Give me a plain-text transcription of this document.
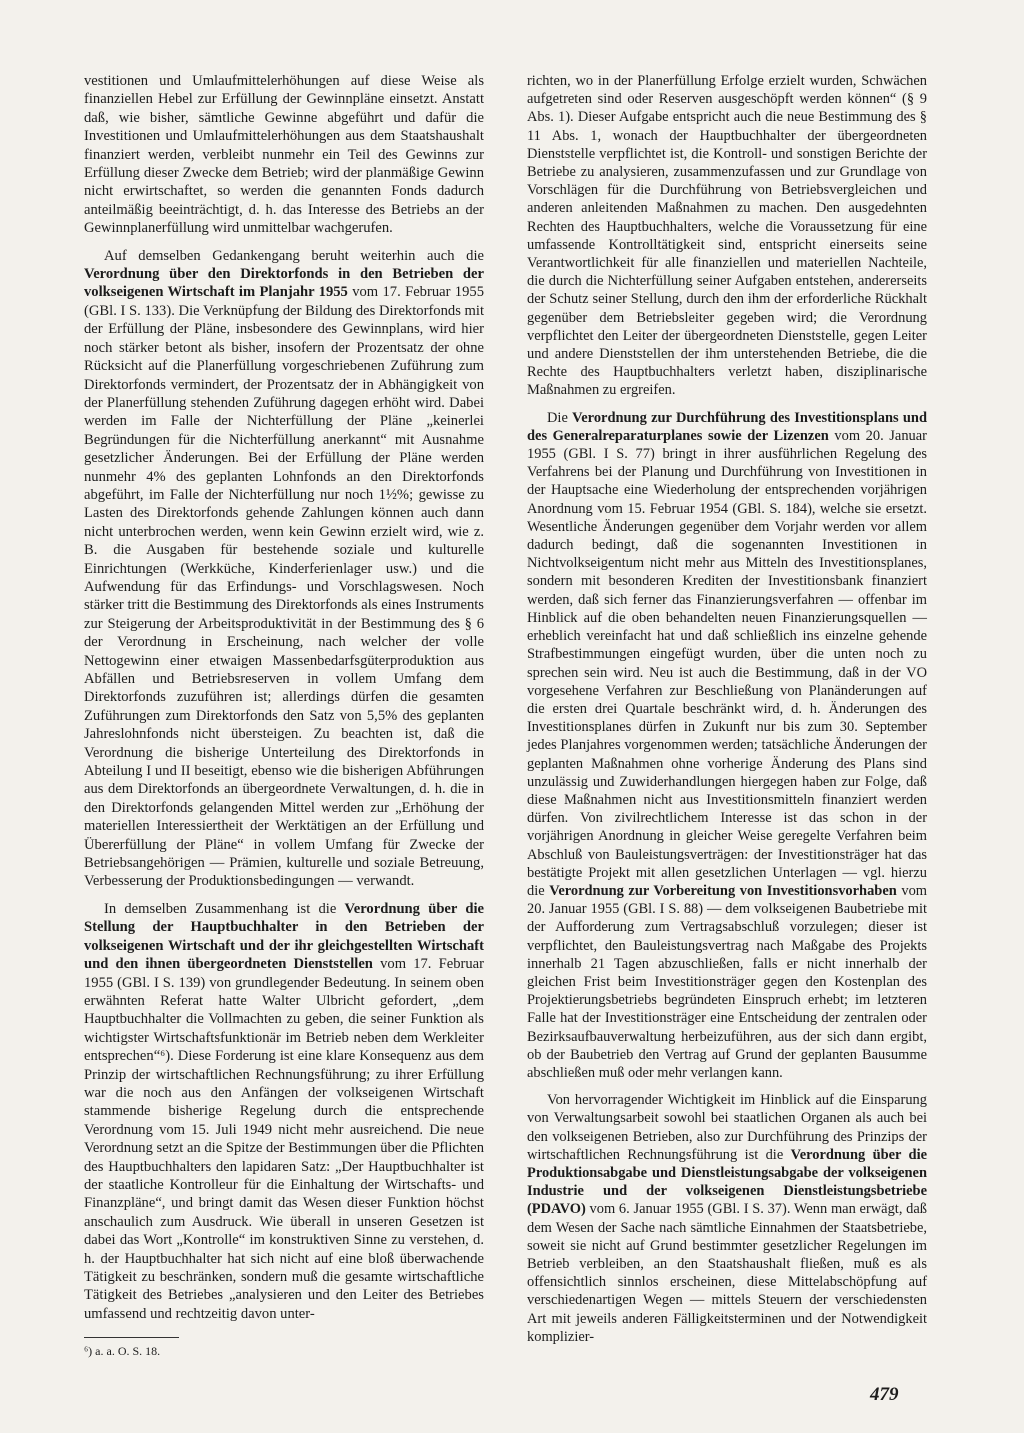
vestitionen und Umlaufmittelerhöhungen auf diese Weise als finanziellen Hebel zur Erfüllung der Gewinnpläne einsetzt. Anstatt daß, wie bisher, sämtliche Gewinne abgeführt und dafür die Investitionen und Umlaufmittelerhöhungen aus dem Staatshaushalt finanziert werden, verbleibt nunmehr ein Teil des Gewinns zur Erfüllung dieser Zwecke dem Betrieb; wird der planmäßige Gewinn nicht erwirtschaftet, so werden die genannten Fonds dadurch anteilmäßig beeinträchtigt, d. h. das Interesse des Betriebs an der Gewinnplanerfüllung wird unmittelbar wachgerufen.

Auf demselben Gedankengang beruht weiterhin auch die Verordnung über den Direktorfonds in den Betrieben der volkseigenen Wirtschaft im Planjahr 1955 vom 17. Februar 1955 (GBl. I S. 133). Die Verknüpfung der Bildung des Direktorfonds mit der Erfüllung der Pläne, insbesondere des Gewinnplans, wird hier noch stärker betont als bisher, insofern der Prozentsatz der ohne Rücksicht auf die Planerfüllung vorgeschriebenen Zuführung zum Direktorfonds vermindert, der Prozentsatz der in Abhängigkeit von der Planerfüllung stehenden Zuführung dagegen erhöht wird. Dabei werden im Falle der Nichterfüllung der Pläne „keinerlei Begründungen für die Nichterfüllung anerkannt“ mit Ausnahme gesetzlicher Änderungen. Bei der Erfüllung der Pläne werden nunmehr 4% des geplanten Lohnfonds an den Direktorfonds abgeführt, im Falle der Nichterfüllung nur noch 1½%; gewisse zu Lasten des Direktorfonds gehende Zahlungen können auch dann nicht unterbrochen werden, wenn kein Gewinn erzielt wird, wie z. B. die Ausgaben für bestehende soziale und kulturelle Einrichtungen (Werkküche, Kinderferienlager usw.) und die Aufwendung für das Erfindungs- und Vorschlagswesen. Noch stärker tritt die Bestimmung des Direktorfonds als eines Instruments zur Steigerung der Arbeitsproduktivität in der Bestimmung des § 6 der Verordnung in Erscheinung, nach welcher der volle Nettogewinn einer etwaigen Massenbedarfsgüterproduktion aus Abfällen und Betriebsreserven in vollem Umfang dem Direktorfonds zuzuführen ist; allerdings dürfen die gesamten Zuführungen zum Direktorfonds den Satz von 5,5% des geplanten Jahreslohnfonds nicht übersteigen. Zu beachten ist, daß die Verordnung die bisherige Unterteilung des Direktorfonds in Abteilung I und II beseitigt, ebenso wie die bisherigen Abführungen aus dem Direktorfonds an übergeordnete Verwaltungen, d. h. die in den Direktorfonds gelangenden Mittel werden zur „Erhöhung der materiellen Interessiertheit der Werktätigen an der Erfüllung und Übererfüllung der Pläne“ in vollem Umfang für Zwecke der Betriebsangehörigen — Prämien, kulturelle und soziale Betreuung, Verbesserung der Produktionsbedingungen — verwandt.

In demselben Zusammenhang ist die Verordnung über die Stellung der Hauptbuchhalter in den Betrieben der volkseigenen Wirtschaft und der ihr gleichgestellten Wirtschaft und den ihnen übergeordneten Dienststellen vom 17. Februar 1955 (GBl. I S. 139) von grundlegender Bedeutung. In seinem oben erwähnten Referat hatte Walter Ulbricht gefordert, „dem Hauptbuchhalter die Vollmachten zu geben, die seiner Funktion als wichtigster Wirtschaftsfunktionär im Betrieb neben dem Werkleiter entsprechen“⁶). Diese Forderung ist eine klare Konsequenz aus dem Prinzip der wirtschaftlichen Rechnungsführung; zu ihrer Erfüllung war die noch aus den Anfängen der volkseigenen Wirtschaft stammende bisherige Regelung durch die entsprechende Verordnung vom 15. Juli 1949 nicht mehr ausreichend. Die neue Verordnung setzt an die Spitze der Bestimmungen über die Pflichten des Hauptbuchhalters den lapidaren Satz: „Der Hauptbuchhalter ist der staatliche Kontrolleur für die Einhaltung der Wirtschafts- und Finanzpläne“, und bringt damit das Wesen dieser Funktion höchst anschaulich zum Ausdruck. Wie überall in unseren Gesetzen ist dabei das Wort „Kontrolle“ im konstruktiven Sinne zu verstehen, d. h. der Hauptbuchhalter hat sich nicht auf eine bloß überwachende Tätigkeit zu beschränken, sondern muß die gesamte wirtschaftliche Tätigkeit des Betriebes „analysieren und den Leiter des Betriebes umfassend und rechtzeitig davon unter-

richten, wo in der Planerfüllung Erfolge erzielt wurden, Schwächen aufgetreten sind oder Reserven ausgeschöpft werden können“ (§ 9 Abs. 1). Dieser Aufgabe entspricht auch die neue Bestimmung des § 11 Abs. 1, wonach der Hauptbuchhalter der übergeordneten Dienststelle verpflichtet ist, die Kontroll- und sonstigen Berichte der Betriebe zu analysieren, zusammenzufassen und zur Grundlage von Vorschlägen für die Durchführung von Betriebsvergleichen und anderen anleitenden Maßnahmen zu machen. Den ausgedehnten Rechten des Hauptbuchhalters, welche die Voraussetzung für eine umfassende Kontrolltätigkeit sind, entspricht einerseits seine Verantwortlichkeit für alle finanziellen und materiellen Nachteile, die durch die Nichterfüllung seiner Aufgaben entstehen, andererseits der Schutz seiner Stellung, durch den ihm der erforderliche Rückhalt gegenüber dem Betriebsleiter gegeben wird; die Verordnung verpflichtet den Leiter der übergeordneten Dienststelle, gegen Leiter und andere Dienststellen der ihm unterstehenden Betriebe, die die Rechte des Hauptbuchhalters verletzt haben, disziplinarische Maßnahmen zu ergreifen.

Die Verordnung zur Durchführung des Investitionsplans und des Generalreparaturplanes sowie der Lizenzen vom 20. Januar 1955 (GBl. I S. 77) bringt in ihrer ausführlichen Regelung des Verfahrens bei der Planung und Durchführung von Investitionen in der Hauptsache eine Wiederholung der entsprechenden vorjährigen Anordnung vom 15. Februar 1954 (GBl. S. 184), welche sie ersetzt. Wesentliche Änderungen gegenüber dem Vorjahr werden vor allem dadurch bedingt, daß die sogenannten Investitionen in Nichtvolkseigentum nicht mehr aus Mitteln des Investitionsplanes, sondern mit besonderen Krediten der Investitionsbank finanziert werden, daß sich ferner das Finanzierungsverfahren — offenbar im Hinblick auf die oben behandelten neuen Finanzierungsquellen — erheblich vereinfacht hat und daß schließlich ins einzelne gehende Strafbestimmungen eingefügt wurden, über die unten noch zu sprechen sein wird. Neu ist auch die Bestimmung, daß in der VO vorgesehene Verfahren zur Beschließung von Planänderungen auf die ersten drei Quartale beschränkt wird, d. h. Änderungen des Investitionsplanes dürfen in Zukunft nur bis zum 30. September jedes Planjahres vorgenommen werden; tatsächliche Änderungen der geplanten Maßnahmen ohne vorherige Änderung des Plans sind unzulässig und Zuwiderhandlungen hiergegen haben zur Folge, daß diese Maßnahmen nicht aus Investitionsmitteln finanziert werden dürfen. Von zivilrechtlichem Interesse ist das schon in der vorjährigen Anordnung in gleicher Weise geregelte Verfahren beim Abschluß von Bauleistungsverträgen: der Investitionsträger hat das bestätigte Projekt mit allen gesetzlichen Unterlagen — vgl. hierzu die Verordnung zur Vorbereitung von Investitionsvorhaben vom 20. Januar 1955 (GBl. I S. 88) — dem volkseigenen Baubetriebe mit der Aufforderung zum Vertragsabschluß vorzulegen; dieser ist verpflichtet, den Bauleistungsvertrag nach Maßgabe des Projekts innerhalb 21 Tagen abzuschließen, falls er nicht innerhalb der gleichen Frist beim Investitionsträger gegen den Kostenplan des Projektierungsbetriebs begründeten Einspruch erhebt; im letzteren Falle hat der Investitionsträger eine Entscheidung der zentralen oder Bezirksaufbauverwaltung herbeizuführen, aus der sich dann ergibt, ob der Baubetrieb den Vertrag auf Grund der geplanten Bausumme abschließen muß oder mehr verlangen kann.

Von hervorragender Wichtigkeit im Hinblick auf die Einsparung von Verwaltungsarbeit sowohl bei staatlichen Organen als auch bei den volkseigenen Betrieben, also zur Durchführung des Prinzips der wirtschaftlichen Rechnungsführung ist die Verordnung über die Produktionsabgabe und Dienstleistungsabgabe der volkseigenen Industrie und der volkseigenen Dienstleistungsbetriebe (PDAVO) vom 6. Januar 1955 (GBl. I S. 37). Wenn man erwägt, daß dem Wesen der Sache nach sämtliche Einnahmen der Staatsbetriebe, soweit sie nicht auf Grund bestimmter gesetzlicher Regelungen im Betrieb verbleiben, an den Staatshaushalt fließen, muß es als offensichtlich sinnlos erscheinen, diese Mittelabschöpfung auf verschiedenartigen Wegen — mittels Steuern der verschiedensten Art mit jeweils anderen Fälligkeitsterminen und der Notwendigkeit komplizier-

⁶) a. a. O. S. 18.
479
